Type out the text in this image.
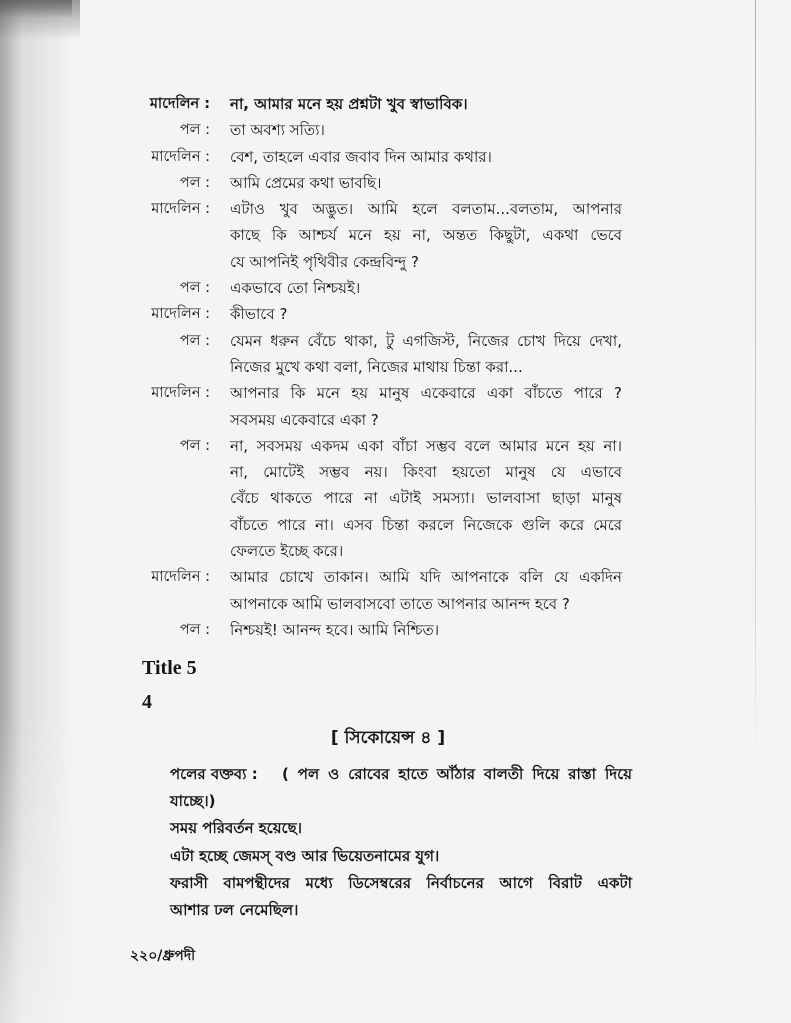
মাদেলিন : না, আমার মনে হয় প্রশ্নটা খুব স্বাভাবিক।
পল : তা অবশ্য সত্যি।
মাদেলিন : বেশ, তাহলে এবার জবাব দিন আমার কথার।
পল : আমি প্রেমের কথা ভাবছি।
মাদেলিন : এটাও খুব অদ্ভুত। আমি হলে বলতাম...বলতাম, আপনার
কাছে কি আশ্চর্য মনে হয় না, অন্তত কিছুটা, একথা ভেবে
যে আপনিই পৃথিবীর কেন্দ্রবিন্দু ?
পল : একভাবে তো নিশ্চয়ই।
মাদেলিন : কীভাবে ?
পল : যেমন ধরুন বেঁচে থাকা, টু এগজিস্ট, নিজের চোখ দিয়ে দেখা,
নিজের মুখে কথা বলা, নিজের মাথায় চিন্তা করা...
মাদেলিন : আপনার কি মনে হয় মানুষ একেবারে একা বাঁচতে পারে ?
সবসময় একেবারে একা ?
পল : না, সবসময় একদম একা বাঁচা সম্ভব বলে আমার মনে হয় না।
না, মোটেই সম্ভব নয়। কিংবা হয়তো মানুষ যে এভাবে
বেঁচে থাকতে পারে না এটাই সমস্যা। ভালবাসা ছাড়া মানুষ
বাঁচতে পারে না। এসব চিন্তা করলে নিজেকে গুলি করে মেরে
ফেলতে ইচ্ছে করে।
মাদেলিন : আমার চোখে তাকান। আমি যদি আপনাকে বলি যে একদিন
আপনাকে আমি ভালবাসবো তাতে আপনার আনন্দ হবে ?
পল : নিশ্চয়ই! আনন্দ হবে। আমি নিশ্চিত।
Title 5
4
[ সিকোয়েন্স ৪ ]
পলের বক্তব্য :	( পল ও রোবের হাতে আঁঠার বালতী দিয়ে রাস্তা দিয়ে
যাচ্ছে।)
সময় পরিবর্তন হয়েছে।
এটা হচ্ছে জেমস্ বণ্ড আর ভিয়েতনামের যুগ।
ফরাসী বামপন্থীদের মধ্যে ডিসেম্বরের নির্বাচনের আগে বিরাট একটা
আশার ঢল নেমেছিল।
২২০/ধ্রুপদী
